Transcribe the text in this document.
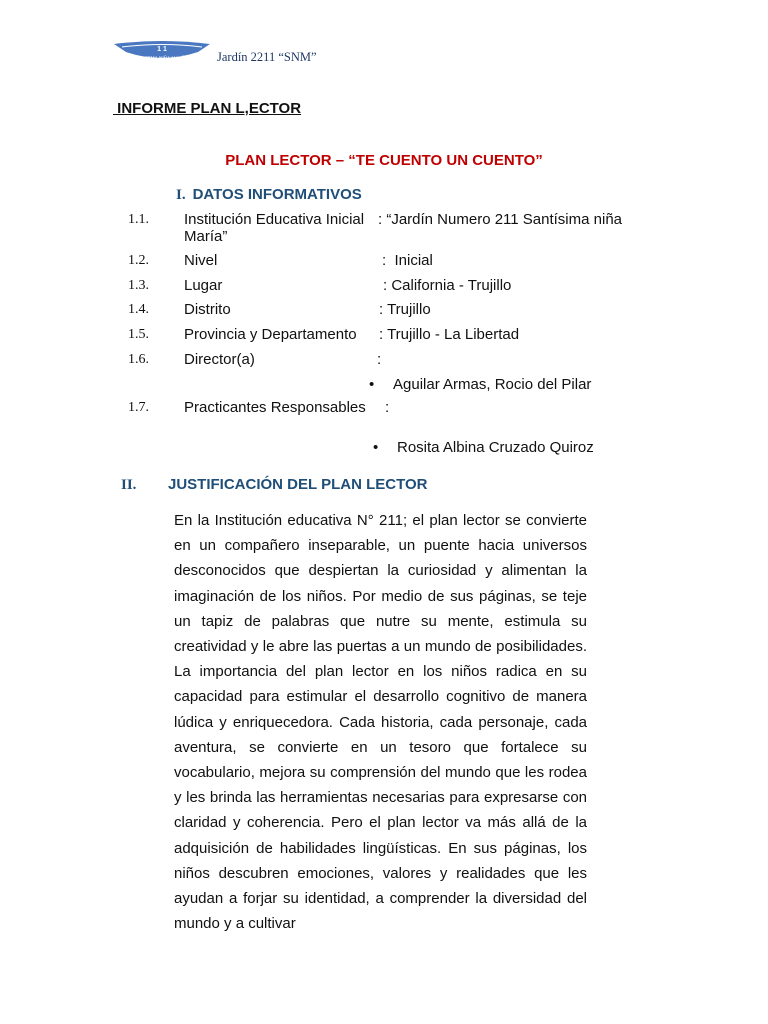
1 1
SISTEMA NIÑA MARÍA Jardín 2211 “SNM”
INFORME PLAN L,ECTOR
PLAN LECTOR – “TE CUENTO UN CUENTO”
I. DATOS INFORMATIVOS
1.1. Institución Educativa Inicial : “Jardín Numero 211 Santísima niña
María”
1.2. Nivel	:  Inicial
1.3. Lugar	: California - Trujillo
1.4. Distrito	: Trujillo
1.5. Provincia y Departamento : Trujillo - La Libertad
1.6. Director(a)	:
• Aguilar Armas, Rocio del Pilar
1.7. Practicantes Responsables :
• Rosita Albina Cruzado Quiroz
II. JUSTIFICACIÓN DEL PLAN LECTOR
En la Institución educativa N° 211; el plan lector se convierte en un compañero inseparable, un puente hacia universos desconocidos que despiertan la curiosidad y alimentan la imaginación de los niños. Por medio de sus páginas, se teje un tapiz de palabras que nutre su mente, estimula su creatividad y le abre las puertas a un mundo de posibilidades. La importancia del plan lector en los niños radica en su capacidad para estimular el desarrollo cognitivo de manera lúdica y enriquecedora. Cada historia, cada personaje, cada aventura, se convierte en un tesoro que fortalece su vocabulario, mejora su comprensión del mundo que les rodea y les brinda las herramientas necesarias para expresarse con claridad y coherencia. Pero el plan lector va más allá de la adquisición de habilidades lingüísticas. En sus páginas, los niños descubren emociones, valores y realidades que les ayudan a forjar su identidad, a comprender la diversidad del mundo y a cultivar
